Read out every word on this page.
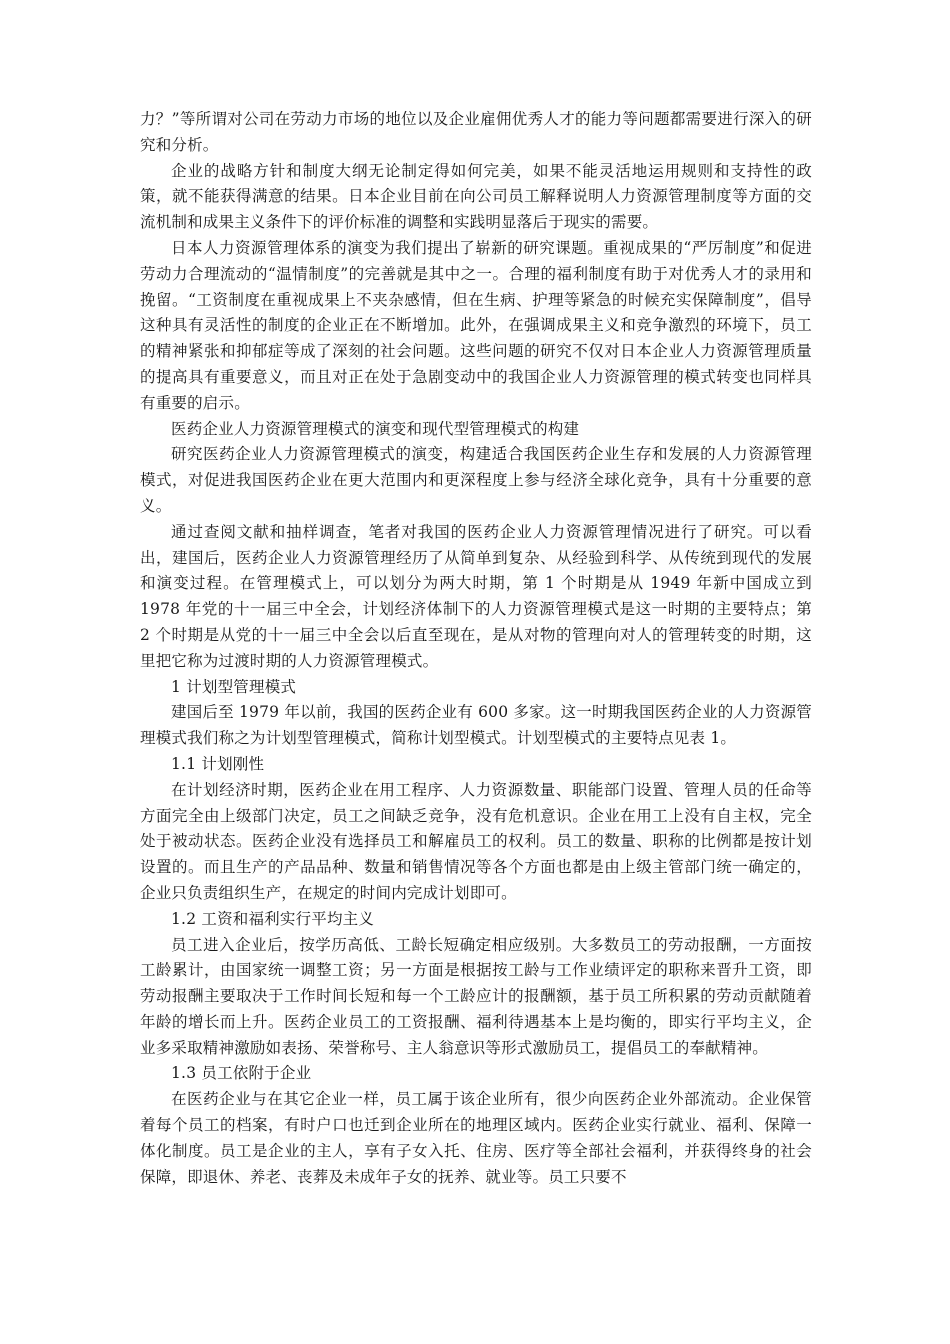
力？”等所谓对公司在劳动力市场的地位以及企业雇佣优秀人才的能力等问题都需要进行深入的研究和分析。

企业的战略方针和制度大纲无论制定得如何完美，如果不能灵活地运用规则和支持性的政策，就不能获得满意的结果。日本企业目前在向公司员工解释说明人力资源管理制度等方面的交流机制和成果主义条件下的评价标准的调整和实践明显落后于现实的需要。

日本人力资源管理体系的演变为我们提出了崭新的研究课题。重视成果的“严厉制度”和促进劳动力合理流动的“温情制度”的完善就是其中之一。合理的福利制度有助于对优秀人才的录用和挽留。“工资制度在重视成果上不夹杂感情，但在生病、护理等紧急的时候充实保障制度”，倡导这种具有灵活性的制度的企业正在不断增加。此外，在强调成果主义和竞争激烈的环境下，员工的精神紧张和抑郁症等成了深刻的社会问题。这些问题的研究不仅对日本企业人力资源管理质量的提高具有重要意义，而且对正在处于急剧变动中的我国企业人力资源管理的模式转变也同样具有重要的启示。

医药企业人力资源管理模式的演变和现代型管理模式的构建

研究医药企业人力资源管理模式的演变，构建适合我国医药企业生存和发展的人力资源管理模式，对促进我国医药企业在更大范围内和更深程度上参与经济全球化竞争，具有十分重要的意义。

通过查阅文献和抽样调查，笔者对我国的医药企业人力资源管理情况进行了研究。可以看出，建国后，医药企业人力资源管理经历了从简单到复杂、从经验到科学、从传统到现代的发展和演变过程。在管理模式上，可以划分为两大时期，第 1 个时期是从 1949 年新中国成立到 1978 年党的十一届三中全会，计划经济体制下的人力资源管理模式是这一时期的主要特点；第 2 个时期是从党的十一届三中全会以后直至现在，是从对物的管理向对人的管理转变的时期，这里把它称为过渡时期的人力资源管理模式。

1 计划型管理模式

建国后至 1979 年以前，我国的医药企业有 600 多家。这一时期我国医药企业的人力资源管理模式我们称之为计划型管理模式，简称计划型模式。计划型模式的主要特点见表 1。

1.1 计划刚性

在计划经济时期，医药企业在用工程序、人力资源数量、职能部门设置、管理人员的任命等方面完全由上级部门决定，员工之间缺乏竞争，没有危机意识。企业在用工上没有自主权，完全处于被动状态。医药企业没有选择员工和解雇员工的权利。员工的数量、职称的比例都是按计划设置的。而且生产的产品品种、数量和销售情况等各个方面也都是由上级主管部门统一确定的，企业只负责组织生产，在规定的时间内完成计划即可。

1.2 工资和福利实行平均主义

员工进入企业后，按学历高低、工龄长短确定相应级别。大多数员工的劳动报酬，一方面按工龄累计，由国家统一调整工资；另一方面是根据按工龄与工作业绩评定的职称来晋升工资，即劳动报酬主要取决于工作时间长短和每一个工龄应计的报酬额，基于员工所积累的劳动贡献随着年龄的增长而上升。医药企业员工的工资报酬、福利待遇基本上是均衡的，即实行平均主义，企业多采取精神激励如表扬、荣誉称号、主人翁意识等形式激励员工，提倡员工的奉献精神。

1.3 员工依附于企业

在医药企业与在其它企业一样，员工属于该企业所有，很少向医药企业外部流动。企业保管着每个员工的档案，有时户口也迁到企业所在的地理区域内。医药企业实行就业、福利、保障一体化制度。员工是企业的主人，享有子女入托、住房、医疗等全部社会福利，并获得终身的社会保障，即退休、养老、丧葬及未成年子女的抚养、就业等。员工只要不
